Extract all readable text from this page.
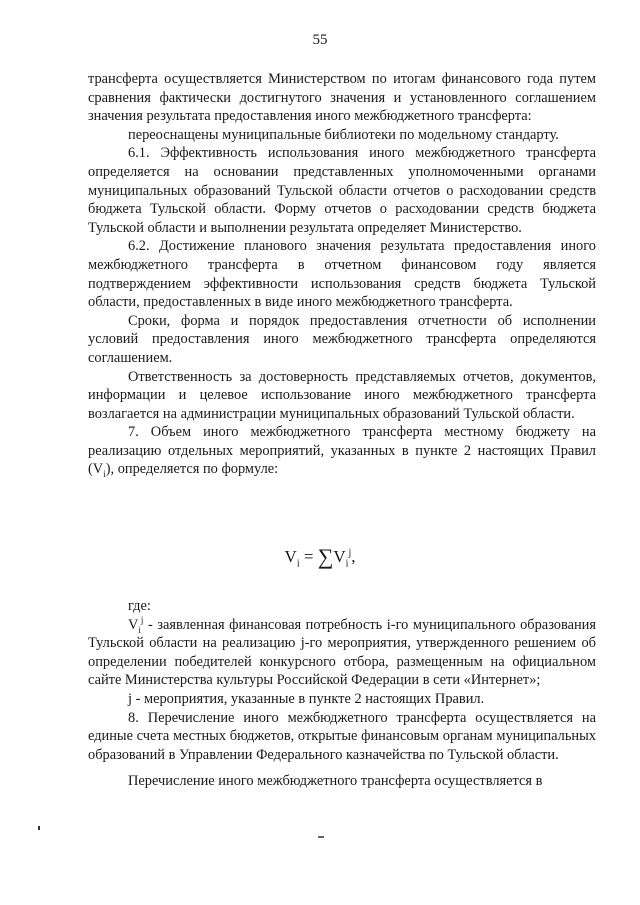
55

трансферта осуществляется Министерством по итогам финансового года путем сравнения фактически достигнутого значения и установленного соглашением значения результата предоставления иного межбюджетного трансферта:

переоснащены муниципальные библиотеки по модельному стандарту.

6.1. Эффективность использования иного межбюджетного трансферта определяется на основании представленных уполномоченными органами муниципальных образований Тульской области отчетов о расходовании средств бюджета Тульской области. Форму отчетов о расходовании средств бюджета Тульской области и выполнении результата определяет Министерство.

6.2. Достижение планового значения результата предоставления иного межбюджетного трансферта в отчетном финансовом году является подтверждением эффективности использования средств бюджета Тульской области, предоставленных в виде иного межбюджетного трансферта.

Сроки, форма и порядок предоставления отчетности об исполнении условий предоставления иного межбюджетного трансферта определяются соглашением.

Ответственность за достоверность представляемых отчетов, документов, информации и целевое использование иного межбюджетного трансферта возлагается на администрации муниципальных образований Тульской области.

7. Объем иного межбюджетного трансферта местному бюджету на реализацию отдельных мероприятий, указанных в пункте 2 настоящих Правил $(V_i)$, определяется по формуле:

$V_i = \sum V_i^j$,

где:

$V_i^j$ - заявленная финансовая потребность i-го муниципального образования Тульской области на реализацию j-го мероприятия, утвержденного решением об определении победителей конкурсного отбора, размещенным на официальном сайте Министерства культуры Российской Федерации в сети «Интернет»;

j - мероприятия, указанные в пункте 2 настоящих Правил.

8. Перечисление иного межбюджетного трансферта осуществляется на единые счета местных бюджетов, открытые финансовым органам муниципальных образований в Управлении Федерального казначейства по Тульской области.

Перечисление иного межбюджетного трансферта осуществляется в
